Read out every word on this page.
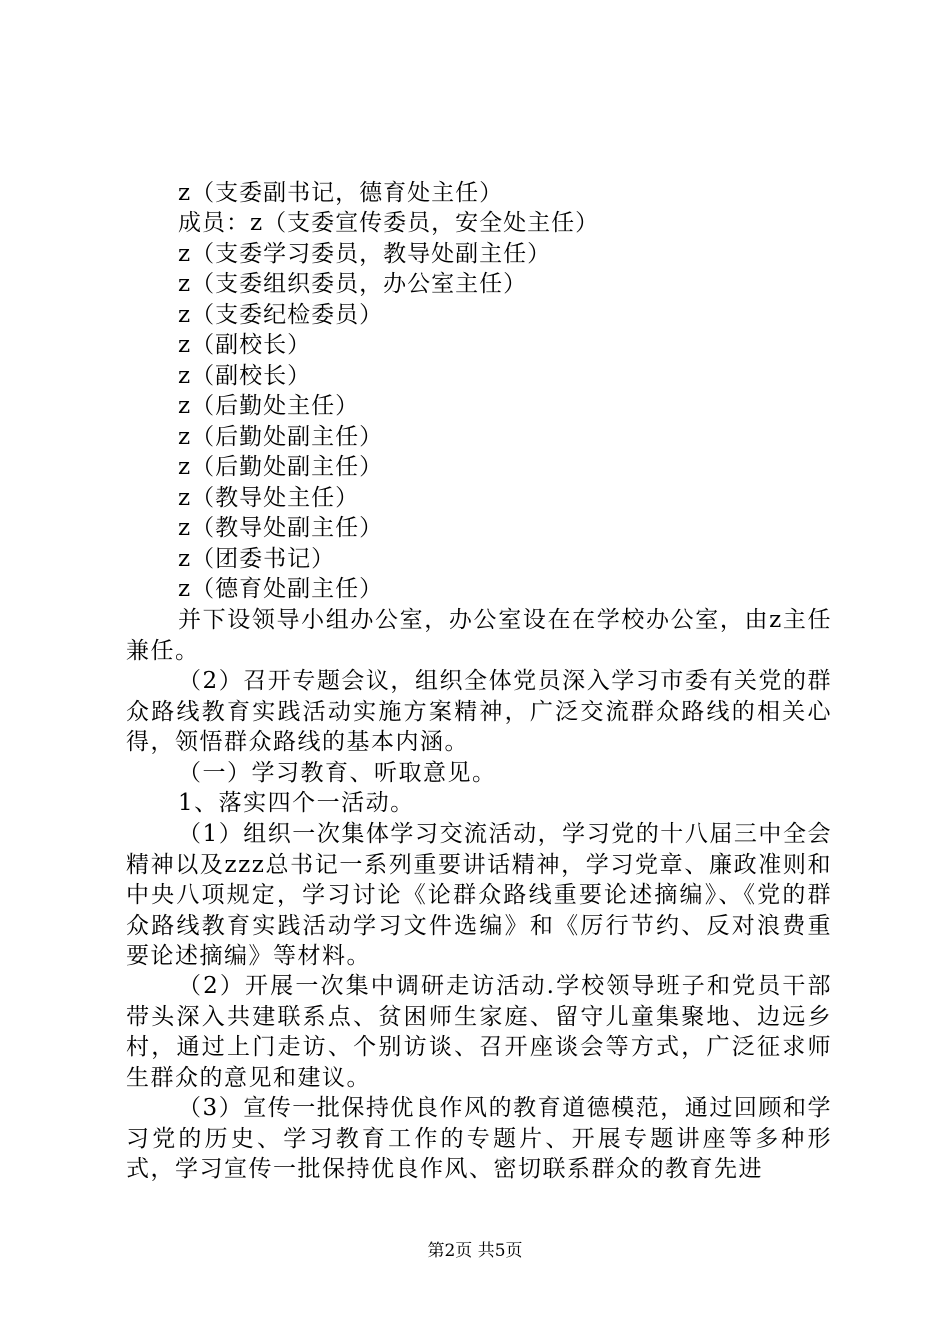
z（支委副书记，德育处主任）
成员：z（支委宣传委员，安全处主任）
z（支委学习委员，教导处副主任）
z（支委组织委员，办公室主任）
z（支委纪检委员）
z（副校长）
z（副校长）
z（后勤处主任）
z（后勤处副主任）
z（后勤处副主任）
z（教导处主任）
z（教导处副主任）
z（团委书记）
z（德育处副主任）

并下设领导小组办公室，办公室设在在学校办公室，由z主任兼任。

（2）召开专题会议，组织全体党员深入学习市委有关党的群众路线教育实践活动实施方案精神，广泛交流群众路线的相关心得，领悟群众路线的基本内涵。

（一）学习教育、听取意见。

1、落实四个一活动。

（1）组织一次集体学习交流活动，学习党的十八届三中全会精神以及zzz总书记一系列重要讲话精神，学习党章、廉政准则和中央八项规定，学习讨论《论群众路线重要论述摘编》、《党的群众路线教育实践活动学习文件选编》和《厉行节约、反对浪费重要论述摘编》等材料。

（2）开展一次集中调研走访活动.学校领导班子和党员干部带头深入共建联系点、贫困师生家庭、留守儿童集聚地、边远乡村，通过上门走访、个别访谈、召开座谈会等方式，广泛征求师生群众的意见和建议。

（3）宣传一批保持优良作风的教育道德模范，通过回顾和学习党的历史、学习教育工作的专题片、开展专题讲座等多种形式，学习宣传一批保持优良作风、密切联系群众的教育先进

第2页 共5页
